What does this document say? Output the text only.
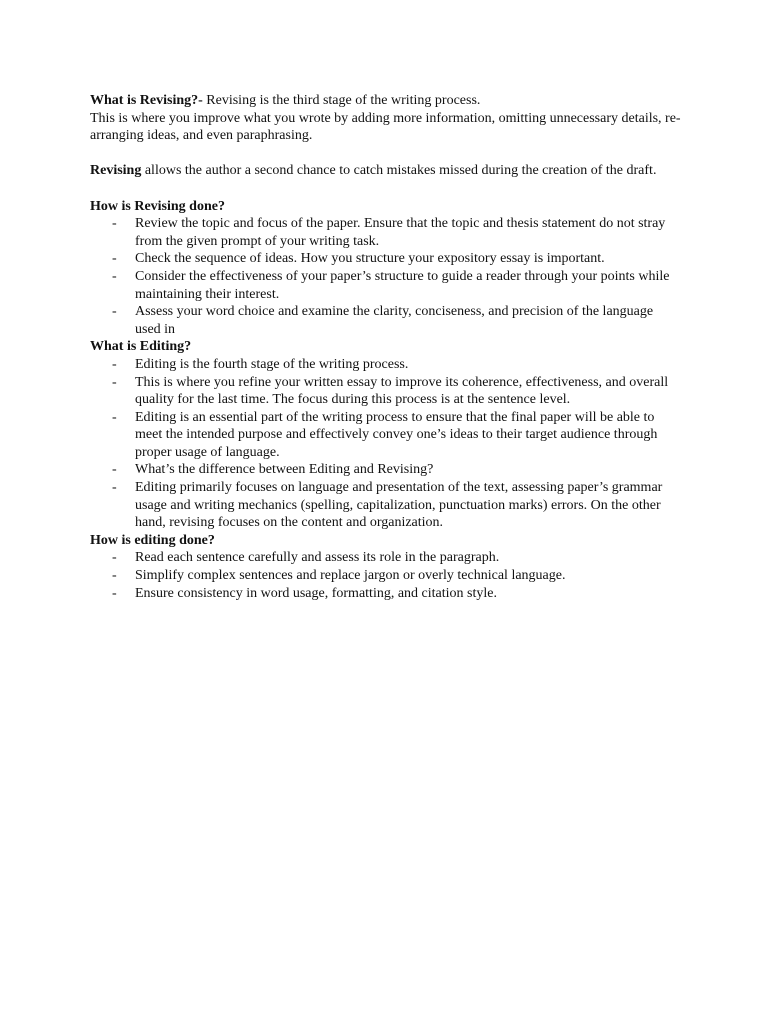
What is Revising?- Revising is the third stage of the writing process.

This is where you improve what you wrote by adding more information, omitting unnecessary details, re-arranging ideas, and even paraphrasing.

Revising allows the author a second chance to catch mistakes missed during the creation of the draft.

How is Revising done?

- Review the topic and focus of the paper. Ensure that the topic and thesis statement do not stray from the given prompt of your writing task.
- Check the sequence of ideas. How you structure your expository essay is important.
- Consider the effectiveness of your paper’s structure to guide a reader through your points while maintaining their interest.
- Assess your word choice and examine the clarity, conciseness, and precision of the language used in

What is Editing?

- Editing is the fourth stage of the writing process.
- This is where you refine your written essay to improve its coherence, effectiveness, and overall quality for the last time. The focus during this process is at the sentence level.
- Editing is an essential part of the writing process to ensure that the final paper will be able to meet the intended purpose and effectively convey one’s ideas to their target audience through proper usage of language.
- What’s the difference between Editing and Revising?
- Editing primarily focuses on language and presentation of the text, assessing paper’s grammar usage and writing mechanics (spelling, capitalization, punctuation marks) errors. On the other hand, revising focuses on the content and organization.

How is editing done?

- Read each sentence carefully and assess its role in the paragraph.
- Simplify complex sentences and replace jargon or overly technical language.
- Ensure consistency in word usage, formatting, and citation style.
